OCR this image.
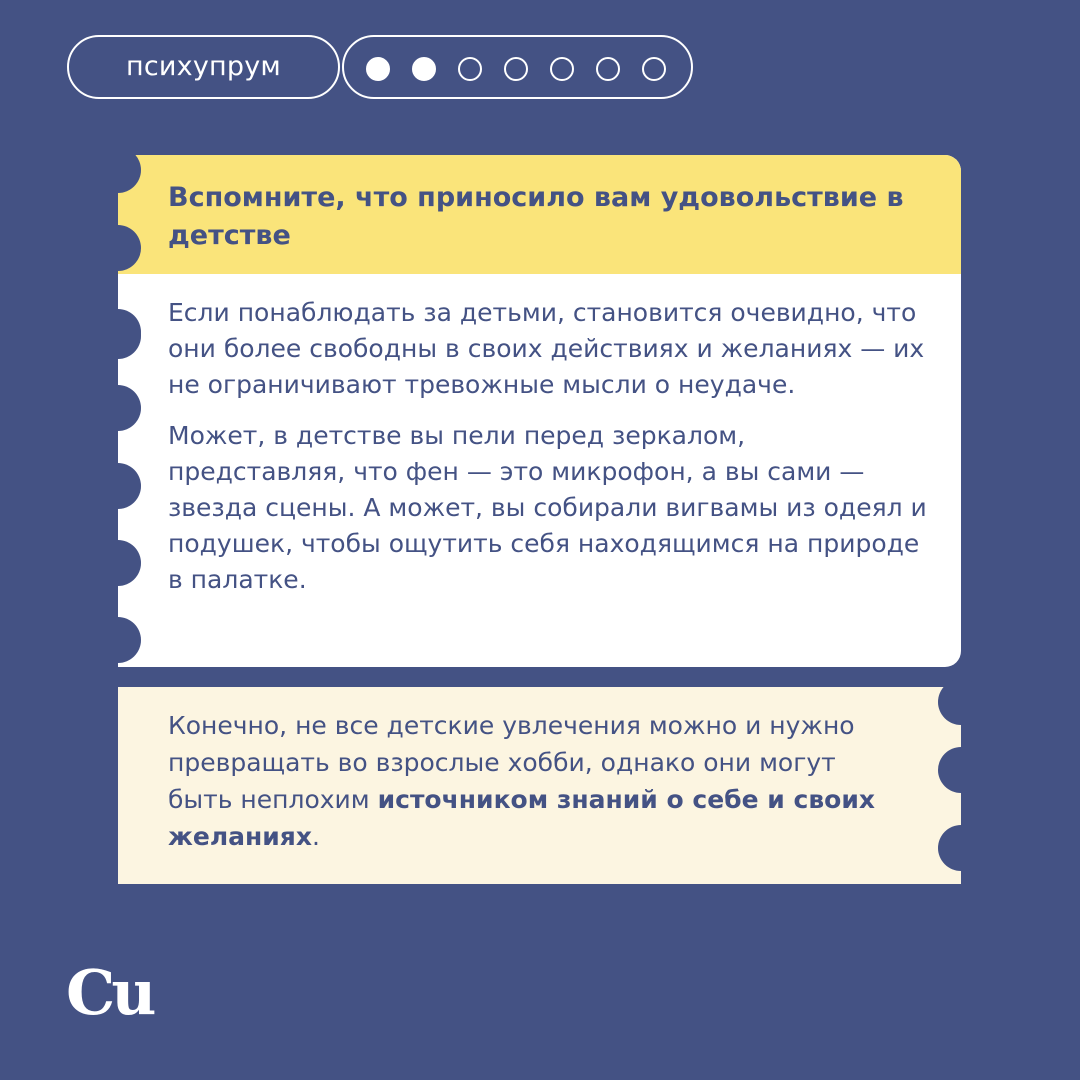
психупрум
Вспомните, что приносило вам удовольствие в детстве

Если понаблюдать за детьми, становится очевидно, что они более свободны в своих действиях и желаниях — их не ограничивают тревожные мысли о неудаче.

Может, в детстве вы пели перед зеркалом, представляя, что фен — это микрофон, а вы сами — звезда сцены. А может, вы собирали вигвамы из одеял и подушек, чтобы ощутить себя находящимся на природе в палатке.

Конечно, не все детские увлечения можно и нужно превращать во взрослые хобби, однако они могут быть неплохим источником знаний о себе и своих желаниях.

Cu
